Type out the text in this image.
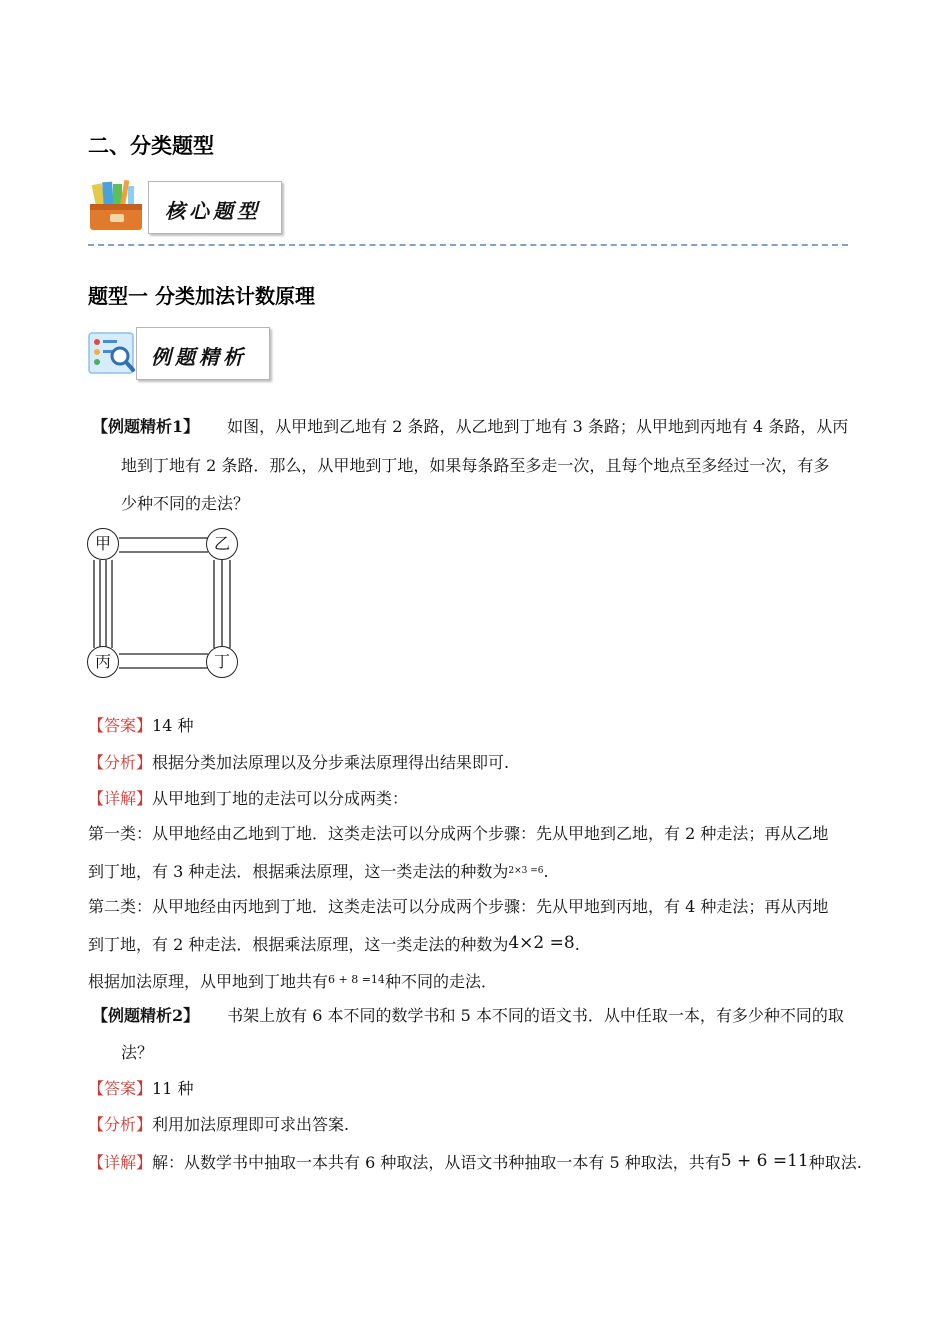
二、分类题型
核心题型
题型一 分类加法计数原理
例题精析
【例题精析1】 如图，从甲地到乙地有 2 条路，从乙地到丁地有 3 条路；从甲地到丙地有 4 条路，从丙
地到丁地有 2 条路．那么，从甲地到丁地，如果每条路至多走一次，且每个地点至多经过一次，有多
少种不同的走法？
甲	乙
丙	丁
【答案】14 种
【分析】根据分类加法原理以及分步乘法原理得出结果即可.
【详解】从甲地到丁地的走法可以分成两类：
第一类：从甲地经由乙地到丁地．这类走法可以分成两个步骤：先从甲地到乙地，有 2 种走法；再从乙地
到丁地，有 3 种走法．根据乘法原理，这一类走法的种数为$^{2\times 3 =6}$.
第二类：从甲地经由丙地到丁地．这类走法可以分成两个步骤：先从甲地到丙地，有 4 种走法；再从丙地
到丁地，有 2 种走法．根据乘法原理，这一类走法的种数为4×2 =8.
根据加法原理，从甲地到丁地共有$^{6 + 8 =14}$种不同的走法．
【例题精析2】 书架上放有 6 本不同的数学书和 5 本不同的语文书．从中任取一本，有多少种不同的取
法？
【答案】11 种
【分析】利用加法原理即可求出答案.
【详解】解：从数学书中抽取一本共有 6 种取法，从语文书种抽取一本有 5 种取法，共有5 + 6 =11种取法.
